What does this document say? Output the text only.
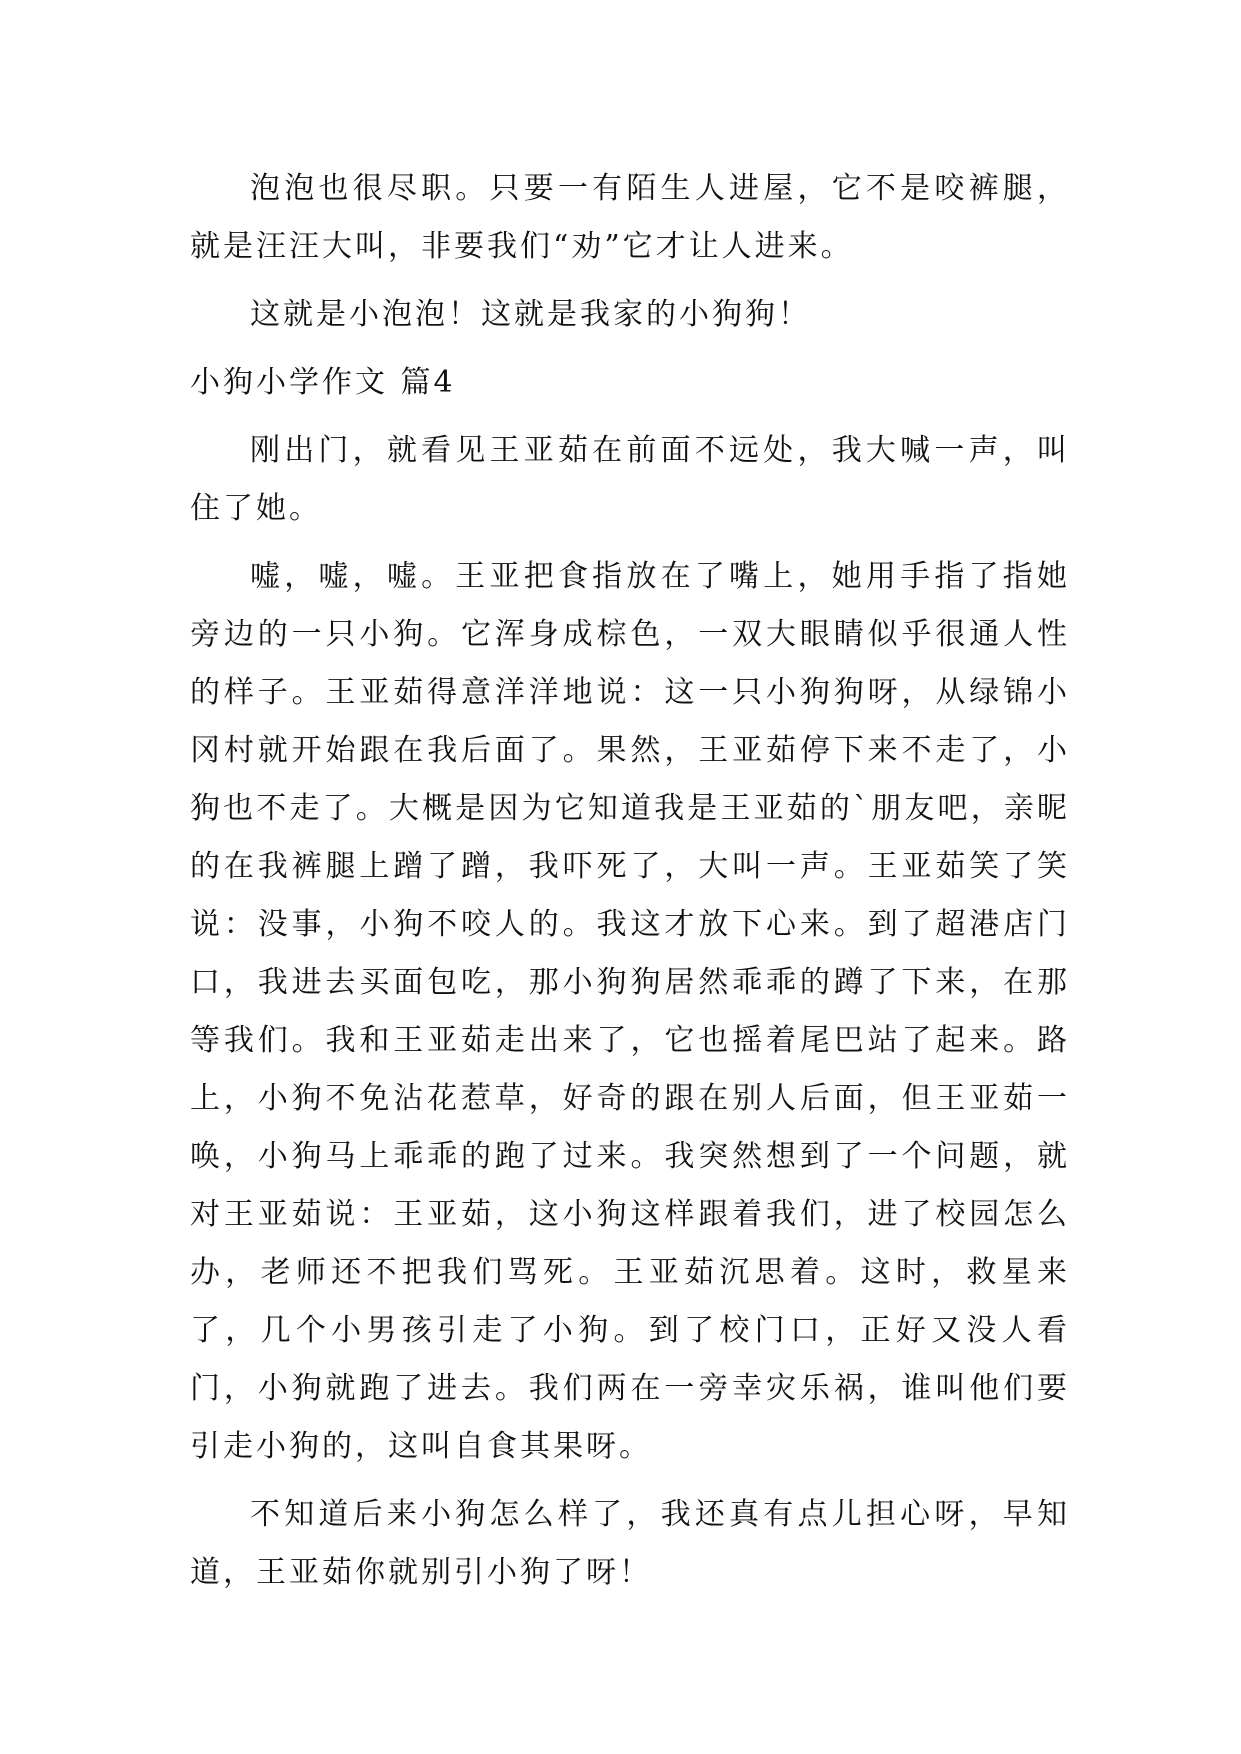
泡泡也很尽职。只要一有陌生人进屋，它不是咬裤腿，就是汪汪大叫，非要我们“劝”它才让人进来。

这就是小泡泡！这就是我家的小狗狗！

小狗小学作文 篇4

刚出门，就看见王亚茹在前面不远处，我大喊一声，叫住了她。

嘘，嘘，嘘。王亚把食指放在了嘴上，她用手指了指她旁边的一只小狗。它浑身成棕色，一双大眼睛似乎很通人性的样子。王亚茹得意洋洋地说：这一只小狗狗呀，从绿锦小冈村就开始跟在我后面了。果然，王亚茹停下来不走了，小狗也不走了。大概是因为它知道我是王亚茹的`朋友吧，亲昵的在我裤腿上蹭了蹭，我吓死了，大叫一声。王亚茹笑了笑说：没事，小狗不咬人的。我这才放下心来。到了超港店门口，我进去买面包吃，那小狗狗居然乖乖的蹲了下来，在那等我们。我和王亚茹走出来了，它也摇着尾巴站了起来。路上，小狗不免沾花惹草，好奇的跟在别人后面，但王亚茹一唤，小狗马上乖乖的跑了过来。我突然想到了一个问题，就对王亚茹说：王亚茹，这小狗这样跟着我们，进了校园怎么办，老师还不把我们骂死。王亚茹沉思着。这时，救星来了，几个小男孩引走了小狗。到了校门口，正好又没人看门，小狗就跑了进去。我们两在一旁幸灾乐祸，谁叫他们要引走小狗的，这叫自食其果呀。

不知道后来小狗怎么样了，我还真有点儿担心呀，早知道，王亚茹你就别引小狗了呀！
